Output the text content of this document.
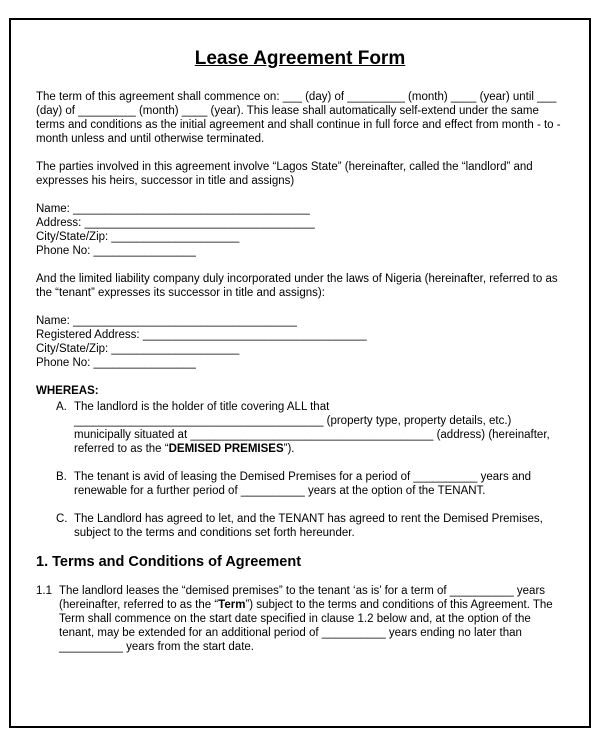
Lease Agreement Form

The term of this agreement shall commence on: ___ (day) of _________ (month) ____ (year) until ___ (day) of _________ (month) ____ (year). This lease shall automatically self-extend under the same terms and conditions as the initial agreement and shall continue in full force and effect from month - to - month unless and until otherwise terminated.

The parties involved in this agreement involve “Lagos State” (hereinafter, called the “landlord” and expresses his heirs, successor in title and assigns)

Name: _____________________________________
Address: ____________________________________
City/State/Zip: ____________________
Phone No: ________________

And the limited liability company duly incorporated under the laws of Nigeria (hereinafter, referred to as the “tenant” expresses its successor in title and assigns):

Name: ___________________________________
Registered Address: ___________________________________
City/State/Zip: ____________________
Phone No: ________________
WHEREAS:
A. The landlord is the holder of title covering ALL that _______________________________________ (property type, property details, etc.) municipally situated at ______________________________________ (address) (hereinafter, referred to as the “DEMISED PREMISES”).
B. The tenant is avid of leasing the Demised Premises for a period of __________ years and renewable for a further period of __________ years at the option of the TENANT.
C. The Landlord has agreed to let, and the TENANT has agreed to rent the Demised Premises, subject to the terms and conditions set forth hereunder.
1. Terms and Conditions of Agreement
1.1 The landlord leases the “demised premises” to the tenant ‘as is’ for a term of __________ years (hereinafter, referred to as the “Term”) subject to the terms and conditions of this Agreement. The Term shall commence on the start date specified in clause 1.2 below and, at the option of the tenant, may be extended for an additional period of __________ years ending no later than __________ years from the start date.
